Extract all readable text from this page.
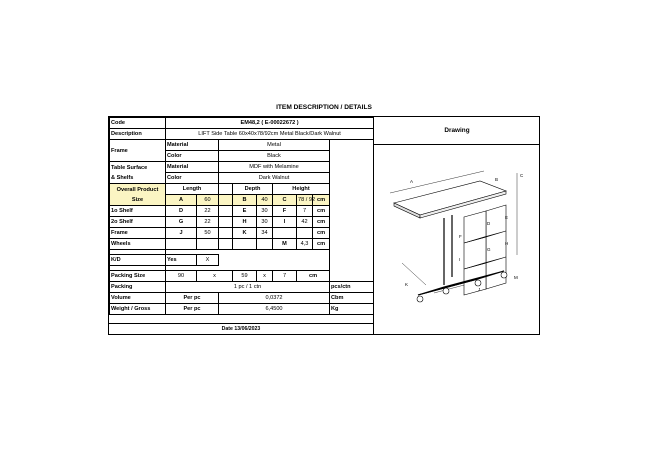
ITEM DESCRIPTION / DETAILS
Code	EM48,2 ( E-00022672 )								
Description	LIFT Side Table 60x40x78/92cm Metal Black/Dark Walnut								
Frame	Material		Metal						
	Color		Black						
Table Surface
& Shelfs	Material		MDF with Melamine						
	Color		Dark Walnut						
Overall Product
Size	Length			Depth		Height			
	A	60		B	40	C	78 / 92	cm	
1o Shelf	D	22		E	30	F	7	cm	
2o Shelf	G	22		H	30	I	42	cm	
Frame	J	50		K	34			cm	
Wheels						M	4,3	cm	

K/D	Yes	X							

Packing Size	90	x		59	x	7	cm		
Packing	1 pc / 1 ctn								pcs/ctn
Volume	Per pc		0,0372						Cbm
Weight / Gross	Per pc		6,4500						Kg
Date 13/06/2023
Drawing
A	B
C
D
E
F
G
H
I
J
K
M
